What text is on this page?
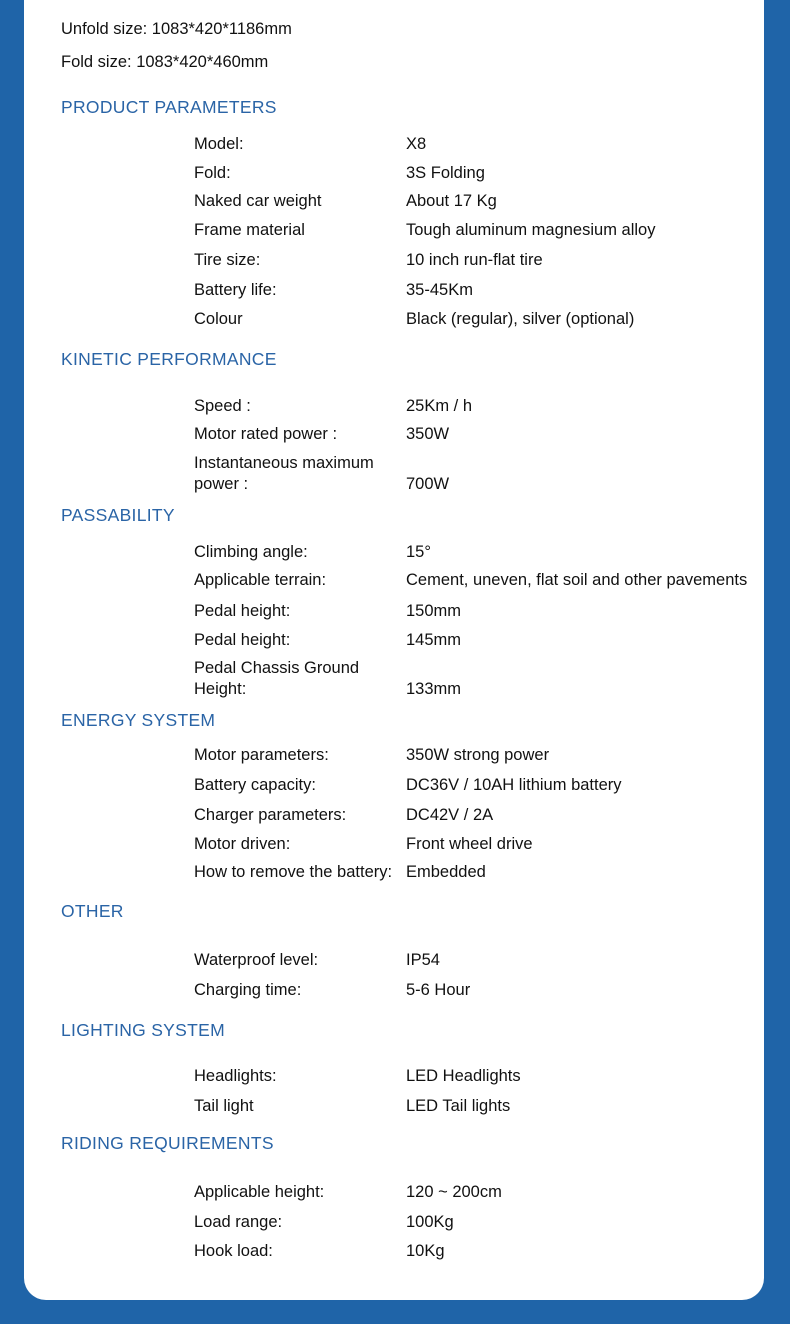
Unfold size: 1083*420*1186mm
Fold size: 1083*420*460mm
PRODUCT PARAMETERS
Model:	X8
Fold:	3S Folding
Naked car weight	About 17 Kg
Frame material	Tough aluminum magnesium alloy
Tire size:	10 inch run-flat tire
Battery life:	35-45Km
Colour	Black (regular), silver (optional)
KINETIC PERFORMANCE
Speed :	25Km / h
Motor rated power :	350W
Instantaneous maximum
power :	700W
PASSABILITY
Climbing angle:	15°
Applicable terrain:	Cement, uneven, flat soil and other pavements
Pedal height:	150mm
Pedal height:	145mm
Pedal Chassis Ground
Height:	133mm
ENERGY SYSTEM
Motor parameters:	350W strong power
Battery capacity:	DC36V / 10AH lithium battery
Charger parameters:	DC42V / 2A
Motor driven:	Front wheel drive
How to remove the battery: Embedded
OTHER
Waterproof level:	IP54
Charging time:	5-6 Hour
LIGHTING SYSTEM
Headlights:	LED Headlights
Tail light	LED Tail lights
RIDING REQUIREMENTS
Applicable height:	120 ~ 200cm
Load range:	100Kg
Hook load:	10Kg
